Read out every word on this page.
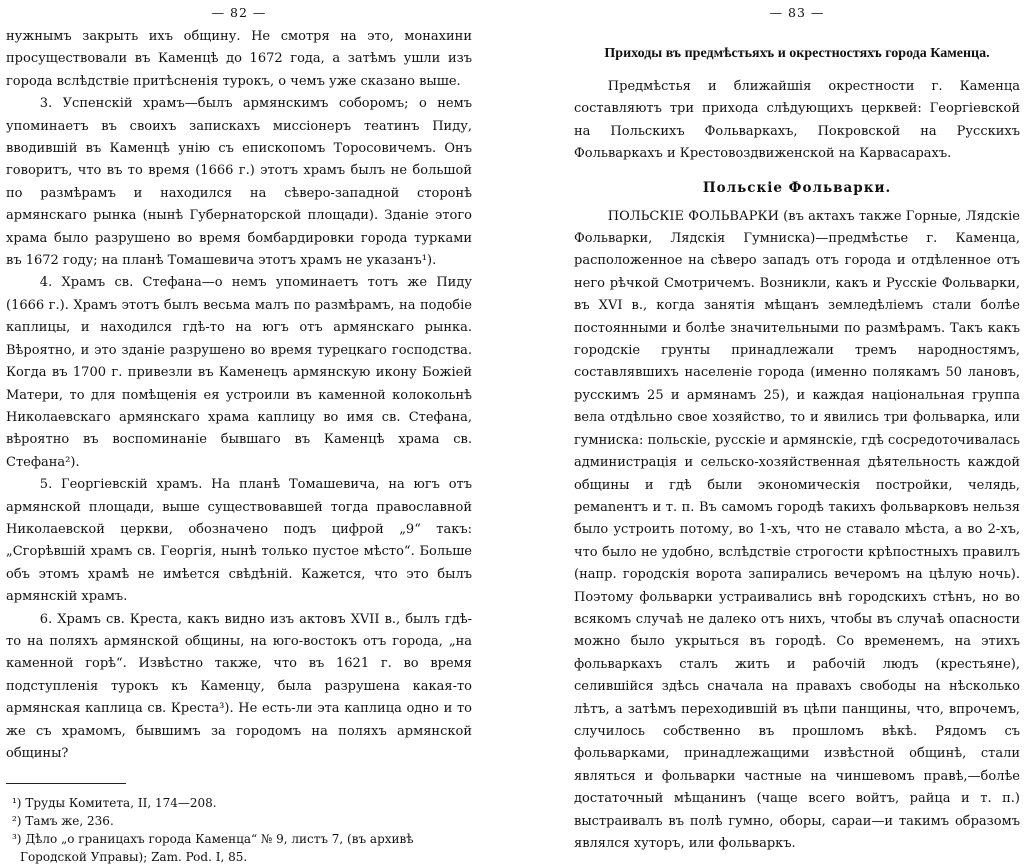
— 82 —

нужнымъ закрыть ихъ общину. Не смотря на это, монахини просуществовали въ Каменцѣ до 1672 года, а затѣмъ ушли изъ города вслѣдствіе притѣсненія турокъ, о чемъ уже сказано выше.

3. Успенскій храмъ—былъ армянскимъ соборомъ; о немъ упоминаетъ въ своихъ запискахъ миссіонеръ театинъ Пиду, вводившій въ Каменцѣ унію съ епископомъ Торосовичемъ. Онъ говоритъ, что въ то время (1666 г.) этотъ храмъ былъ не большой по размѣрамъ и находился на сѣверо-западной сторонѣ армянскаго рынка (нынѣ Губернаторской площади). Зданіе этого храма было разрушено во время бомбардировки города турками въ 1672 году; на планѣ Томашевича этотъ храмъ не указанъ¹).

4. Храмъ св. Стефана—о немъ упоминаетъ тотъ же Пиду (1666 г.). Храмъ этотъ былъ весьма малъ по размѣрамъ, на подобіе каплицы, и находился гдѣ-то на югъ отъ армянскаго рынка. Вѣроятно, и это зданіе разрушено во время турецкаго господства. Когда въ 1700 г. привезли въ Каменецъ армянскую икону Божіей Матери, то для помѣщенія ея устроили въ каменной колокольнѣ Николаевскаго армянскаго храма каплицу во имя св. Стефана, вѣроятно въ воспоминаніе бывшаго въ Каменцѣ храма св. Стефана²).

5. Георгіевскій храмъ. На планѣ Томашевича, на югъ отъ армянской площади, выше существовавшей тогда православной Николаевской церкви, обозначено подъ цифрой „9“ такъ: „Сгорѣвшій храмъ св. Георгія, нынѣ только пустое мѣсто“. Больше объ этомъ храмѣ не имѣется свѣдѣній. Кажется, что это былъ армянскій храмъ.

6. Храмъ св. Креста, какъ видно изъ актовъ XVII в., былъ гдѣ-то на поляхъ армянской общины, на юго-востокъ отъ города, „на каменной горѣ“. Извѣстно также, что въ 1621 г. во время подступленія турокъ къ Каменцу, была разрушена какая-то армянская каплица св. Креста³). Не есть-ли эта каплица одно и то же съ храмомъ, бывшимъ за городомъ на поляхъ армянской общины?

¹) Труды Комитета, II, 174—208.
²) Тамъ же, 236.
³) Дѣло „о границахъ города Каменца“ № 9, листъ 7, (въ архивѣ Городской Управы); Zam. Pod. I, 85.
— 83 —
Приходы въ предмѣстьяхъ и окрестностяхъ города Каменца.

Предмѣстья и ближайшія окрестности г. Каменца составляютъ три прихода слѣдующихъ церквей: Георгіевской на Польскихъ Фольваркахъ, Покровской на Русскихъ Фольваркахъ и Крестовоздвиженской на Карвасарахъ.

Польскіе Фольварки.

ПОЛЬСКІЕ ФОЛЬВАРКИ (въ актахъ также Горные, Лядскіе Фольварки, Лядскія Гумниска)—предмѣстье г. Каменца, расположенное на сѣверо западъ отъ города и отдѣленное отъ него рѣчкой Смотричемъ. Возникли, какъ и Русскіе Фольварки, въ XVI в., когда занятія мѣщанъ земледѣліемъ стали болѣе постоянными и болѣе значительными по размѣрамъ. Такъ какъ городскіе грунты принадлежали тремъ народностямъ, составлявшихъ населеніе города (именно полякамъ 50 лановъ, русскимъ 25 и армянамъ 25), и каждая національная группа вела отдѣльно свое хозяйство, то и явились три фольварка, или гумниска: польскіе, русскіе и армянскіе, гдѣ сосредоточивалась администрація и сельско-хозяйственная дѣятельность каждой общины и гдѣ были экономическія постройки, челядь, ремanентъ и т. п. Въ самомъ городѣ такихъ фольварковъ нельзя было устроить потому, во 1-хъ, что не ставало мѣста, а во 2-хъ, что было не удобно, вслѣдствіе строгости крѣпостныхъ правилъ (напр. городскія ворота запирались вечеромъ на цѣлую ночь). Поэтому фольварки устраивались внѣ городскихъ стѣнъ, но во всякомъ случаѣ не далеко отъ нихъ, чтобы въ случаѣ опасности можно было укрыться въ городѣ. Со временемъ, на этихъ фольваркахъ сталъ жить и рабочій людъ (крестьяне), селившійся здѣсь сначала на правахъ свободы на нѣсколько лѣтъ, а затѣмъ переходившій въ цѣпи панщины, что, впрочемъ, случилось собственно въ прошломъ вѣкѣ. Рядомъ съ фольварками, принадлежащими извѣстной общинѣ, стали являться и фольварки частные на чиншевомъ правѣ,—болѣе достаточный мѣщанинъ (чаще всего войтъ, райца и т. п.) выстраивалъ въ полѣ гумно, оборы, сараи—и такимъ образомъ являлся хуторъ, или фольваркъ.
